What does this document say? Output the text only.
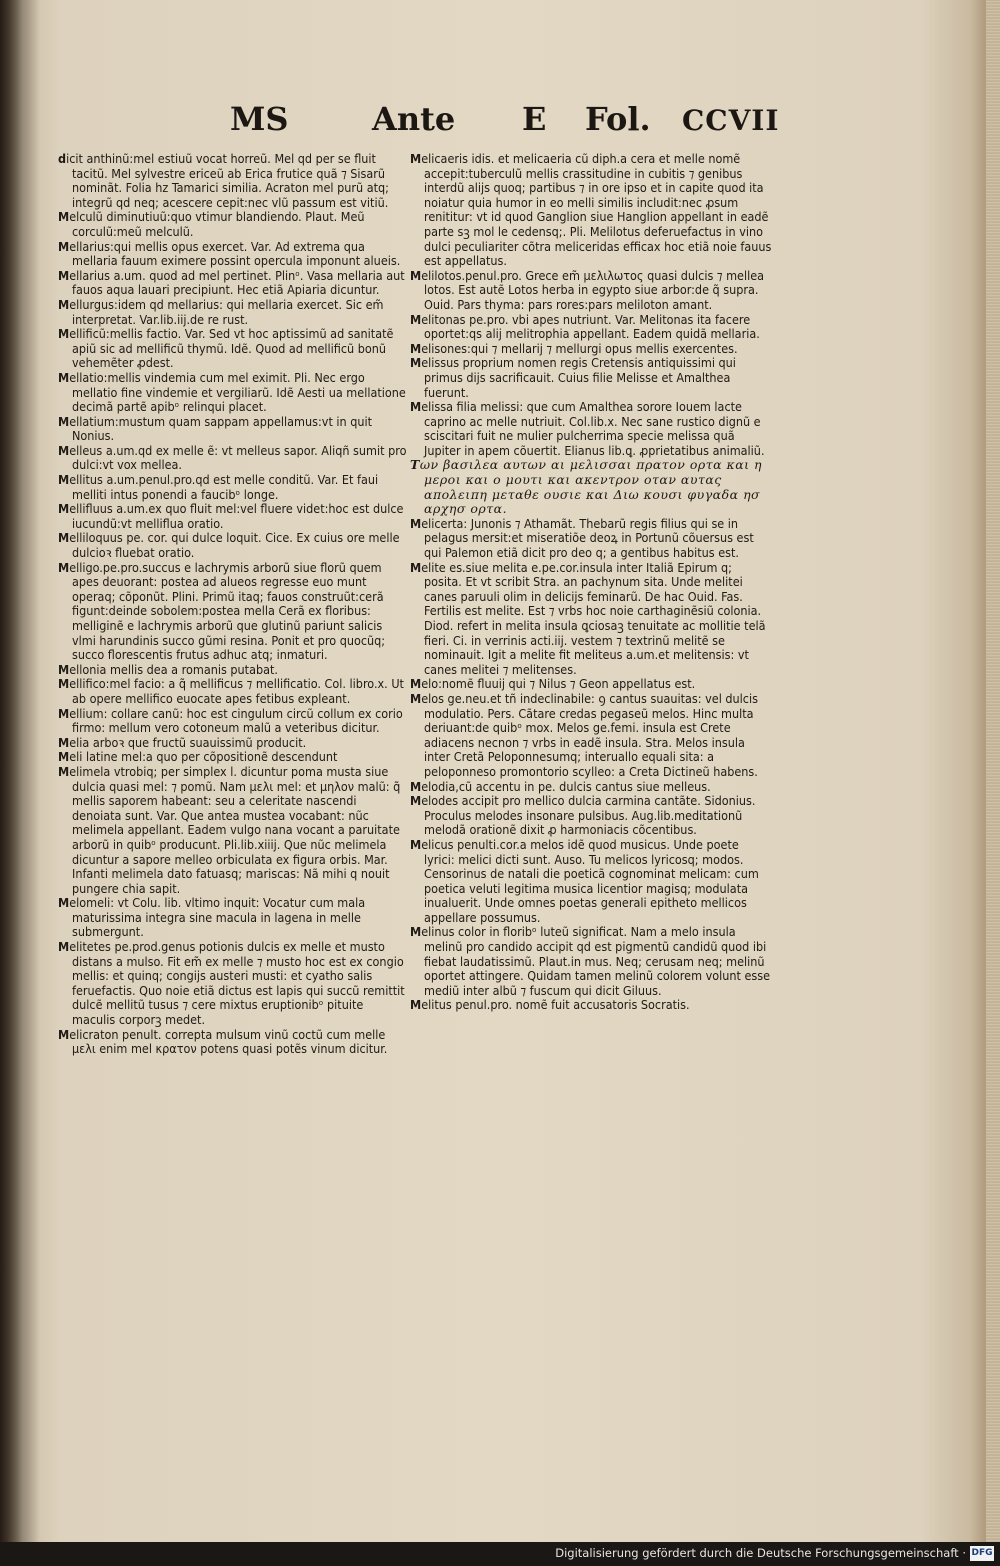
MS	Ante E Fol. CCVII

dicit anthinũ:mel estiuũ vocat horreũ. Mel qd per se fluit tacitũ. Mel sylvestre ericeũ ab Erica frutice quã ⁊ Sisarũ nominãt. Folia hz Tamarici similia. Acraton mel purũ atq; integrũ qd neq; acescere cepit:nec vlũ passum est vitiũ.

Melculũ diminutiuũ:quo vtimur blandiendo. Plaut. Meũ corculũ:meũ melculũ.

Mellarius:qui mellis opus exercet. Var. Ad extrema qua mellaria fauum eximere possint opercula imponunt alueis.

Mellarius a.um. quod ad mel pertinet. Plinᵒ. Vasa mellaria aut fauos aqua lauari precipiunt. Hec etiã Apiaria dicuntur.

Mellurgus:idem qd mellarius: qui mellaria exercet. Sic em̃ interpretat. Var.lib.iij.de re rust.

Mellificũ:mellis factio. Var. Sed vt hoc aptissimũ ad sanitatẽ apiũ sic ad mellificũ thymũ. Idẽ. Quod ad mellificũ bonũ vehemẽter ꝓdest.

Mellatio:mellis vindemia cum mel eximit. Pli. Nec ergo mellatio fine vindemie et vergiliarũ. Idẽ Aesti ua mellatione decimã partẽ apibᵒ relinqui placet.

Mellatium:mustum quam sappam appellamus:vt in quit Nonius.

Melleus a.um.qd ex melle ẽ: vt melleus sapor. Aliqñ sumit pro dulci:vt vox mellea.

Mellitus a.um.penul.pro.qd est melle conditũ. Var. Et faui melliti intus ponendi a faucibᵒ longe.

Mellifluus a.um.ex quo fluit mel:vel fluere videt:hoc est dulce iucundũ:vt melliflua oratio.

Melliloquus pe. cor. qui dulce loquit. Cice. Ex cuius ore melle dulcioꝛ fluebat oratio.

Melligo.pe.pro.succus e lachrymis arborũ siue florũ quem apes deuorant: postea ad alueos regresse euo munt operaq; cõponũt. Plini. Primũ itaq; fauos construũt:cerã figunt:deinde sobolem:postea mella Cerã ex floribus: melliginẽ e lachrymis arborũ que glutinũ pariunt salicis vlmi harundinis succo gũmi resina. Ponit et pro quocũq; succo florescentis frutus adhuc atq; inmaturi.

Mellonia mellis dea a romanis putabat.

Mellifico:mel facio: a q̃ mellificus ⁊ mellificatio. Col. libro.x. Ut ab opere mellifico euocate apes fetibus expleant.

Mellium: collare canũ: hoc est cingulum circũ collum ex corio firmo: mellum vero cotoneum malũ a veteribus dicitur.

Melia arboꝛ que fructũ suauissimũ producit.

Meli latine mel:a quo per cõpositionẽ descendunt

Melimela vtrobiq; per simplex l. dicuntur poma musta siue dulcia quasi mel: ⁊ pomũ. Nam μελι mel: et μηλον malũ: q̃ mellis saporem habeant: seu a celeritate nascendi denoiata sunt. Var. Que antea mustea vocabant: nũc melimela appellant. Eadem vulgo nana vocant a paruitate arborũ in quibᵒ producunt. Pli.lib.xiiij. Que nũc melimela dicuntur a sapore melleo orbiculata ex figura orbis. Mar. Infanti melimela dato fatuasq; mariscas: Nã mihi q nouit pungere chia sapit.

Melomeli: vt Colu. lib. vltimo inquit: Vocatur cum mala maturissima integra sine macula in lagena in melle submergunt.

Melitetes pe.prod.genus potionis dulcis ex melle et musto distans a mulso. Fit em̃ ex melle ⁊ musto hoc est ex congio mellis: et quinq; congijs austeri musti: et cyatho salis feruefactis. Quo noie etiã dictus est lapis qui succũ remittit dulcẽ mellitũ tusus ⁊ cere mixtus eruptionibᵒ pituite maculis corporꝫ medet.

Melicraton penult. correpta mulsum vinũ coctũ cum melle μελι enim mel κρατον potens quasi potẽs vinum dicitur.

Melicaeris idis. et melicaeria cũ diph.a cera et melle nomẽ accepit:tuberculũ mellis crassitudine in cubitis ⁊ genibus interdũ alijs quoq; partibus ⁊ in ore ipso et in capite quod ita noiatur quia humor in eo melli similis includit:nec ꝓsum renititur: vt id quod Ganglion siue Hanglion appellant in eadẽ parte sꝫ mol le cedensq;. Pli. Melilotus deferuefactus in vino dulci peculiariter cõtra meliceridas efficax hoc etiã noie fauus est appellatus.

Melilotos.penul.pro. Grece em̃ μελιλωτος quasi dulcis ⁊ mellea lotos. Est autẽ Lotos herba in egypto siue arbor:de q̃ supra. Ouid. Pars thyma: pars rores:pars meliloton amant.

Melitonas pe.pro. vbi apes nutriunt. Var. Melitonas ita facere oportet:qs alij melitrophia appellant. Eadem quidã mellaria.

Melisones:qui ⁊ mellarij ⁊ mellurgi opus mellis exercentes.

Melissus proprium nomen regis Cretensis antiquissimi qui primus dijs sacrificauit. Cuius filie Melisse et Amalthea fuerunt.

Melissa filia melissi: que cum Amalthea sorore Iouem lacte caprino ac melle nutriuit. Col.lib.x. Nec sane rustico dignũ e sciscitari fuit ne mulier pulcherrima specie melissa quã Jupiter in apem cõuertit. Elianus lib.ꝗ. ꝓprietatibus animaliũ.

Των βασιλεα αυτων αι μελισσαι πρατον ορτα και η μεροι και ο μουτι και ακεντρον οταν αυτας απολειπη μεταθε ουσιε και Διω κουσι φυγαδα ησ αρχησ ορτα.

Melicerta: Junonis ⁊ Athamãt. Thebarũ regis filius qui se in pelagus mersit:et miseratiõe deoꝝ in Portunũ cõuersus est qui Palemon etiã dicit pro deo q; a gentibus habitus est.

Melite es.siue melita e.pe.cor.insula inter Italiã Epirum q; posita. Et vt scribit Stra. an pachynum sita. Unde melitei canes paruuli olim in delicijs feminarũ. De hac Ouid. Fas. Fertilis est melite. Est ⁊ vrbs hoc noie carthaginẽsiũ colonia. Diod. refert in melita insula ꝗciosaꝫ tenuitate ac mollitie telã fieri. Ci. in verrinis acti.iij. vestem ⁊ textrinũ melitẽ se nominauit. Igit a melite fit meliteus a.um.et melitensis: vt canes melitei ⁊ melitenses.

Melo:nomẽ fluuij qui ⁊ Nilus ⁊ Geon appellatus est.

Melos ge.neu.et tñ indeclinabile: ꝯ cantus suauitas: vel dulcis modulatio. Pers. Cãtare credas pegaseũ melos. Hinc multa deriuant:de quibᵒ mox. Melos ge.femi. insula est Crete adiacens necnon ⁊ vrbs in eadẽ insula. Stra. Melos insula inter Cretã Peloponnesumq; interuallo equali sita: a peloponneso promontorio scylleo: a Creta Dictineũ habens.

Melodia,cũ accentu in pe. dulcis cantus siue melleus.

Melodes accipit pro mellico dulcia carmina cantãte. Sidonius. Proculus melodes insonare pulsibus. Aug.lib.meditationũ melodã orationẽ dixit ꝓ harmoniacis cõcentibus.

Melicus penulti.cor.a melos idẽ quod musicus. Unde poete lyrici: melici dicti sunt. Auso. Tu melicos lyricosq; modos. Censorinus de natali die poeticã cognominat melicam: cum poetica veluti legitima musica licentior magisq; modulata inualuerit. Unde omnes poetas generali epitheto mellicos appellare possumus.

Melinus color in floribᵒ luteũ significat. Nam a melo insula melinũ pro candido accipit qd est pigmentũ candidũ quod ibi fiebat laudatissimũ. Plaut.in mus. Neq; cerusam neq; melinũ oportet attingere. Quidam tamen melinũ colorem volunt esse mediũ inter albũ ⁊ fuscum qui dicit Giluus.

Melitus penul.pro. nomẽ fuit accusatoris Socratis.

Digitalisierung gefördert durch die Deutsche Forschungsgemeinschaft · DFG
